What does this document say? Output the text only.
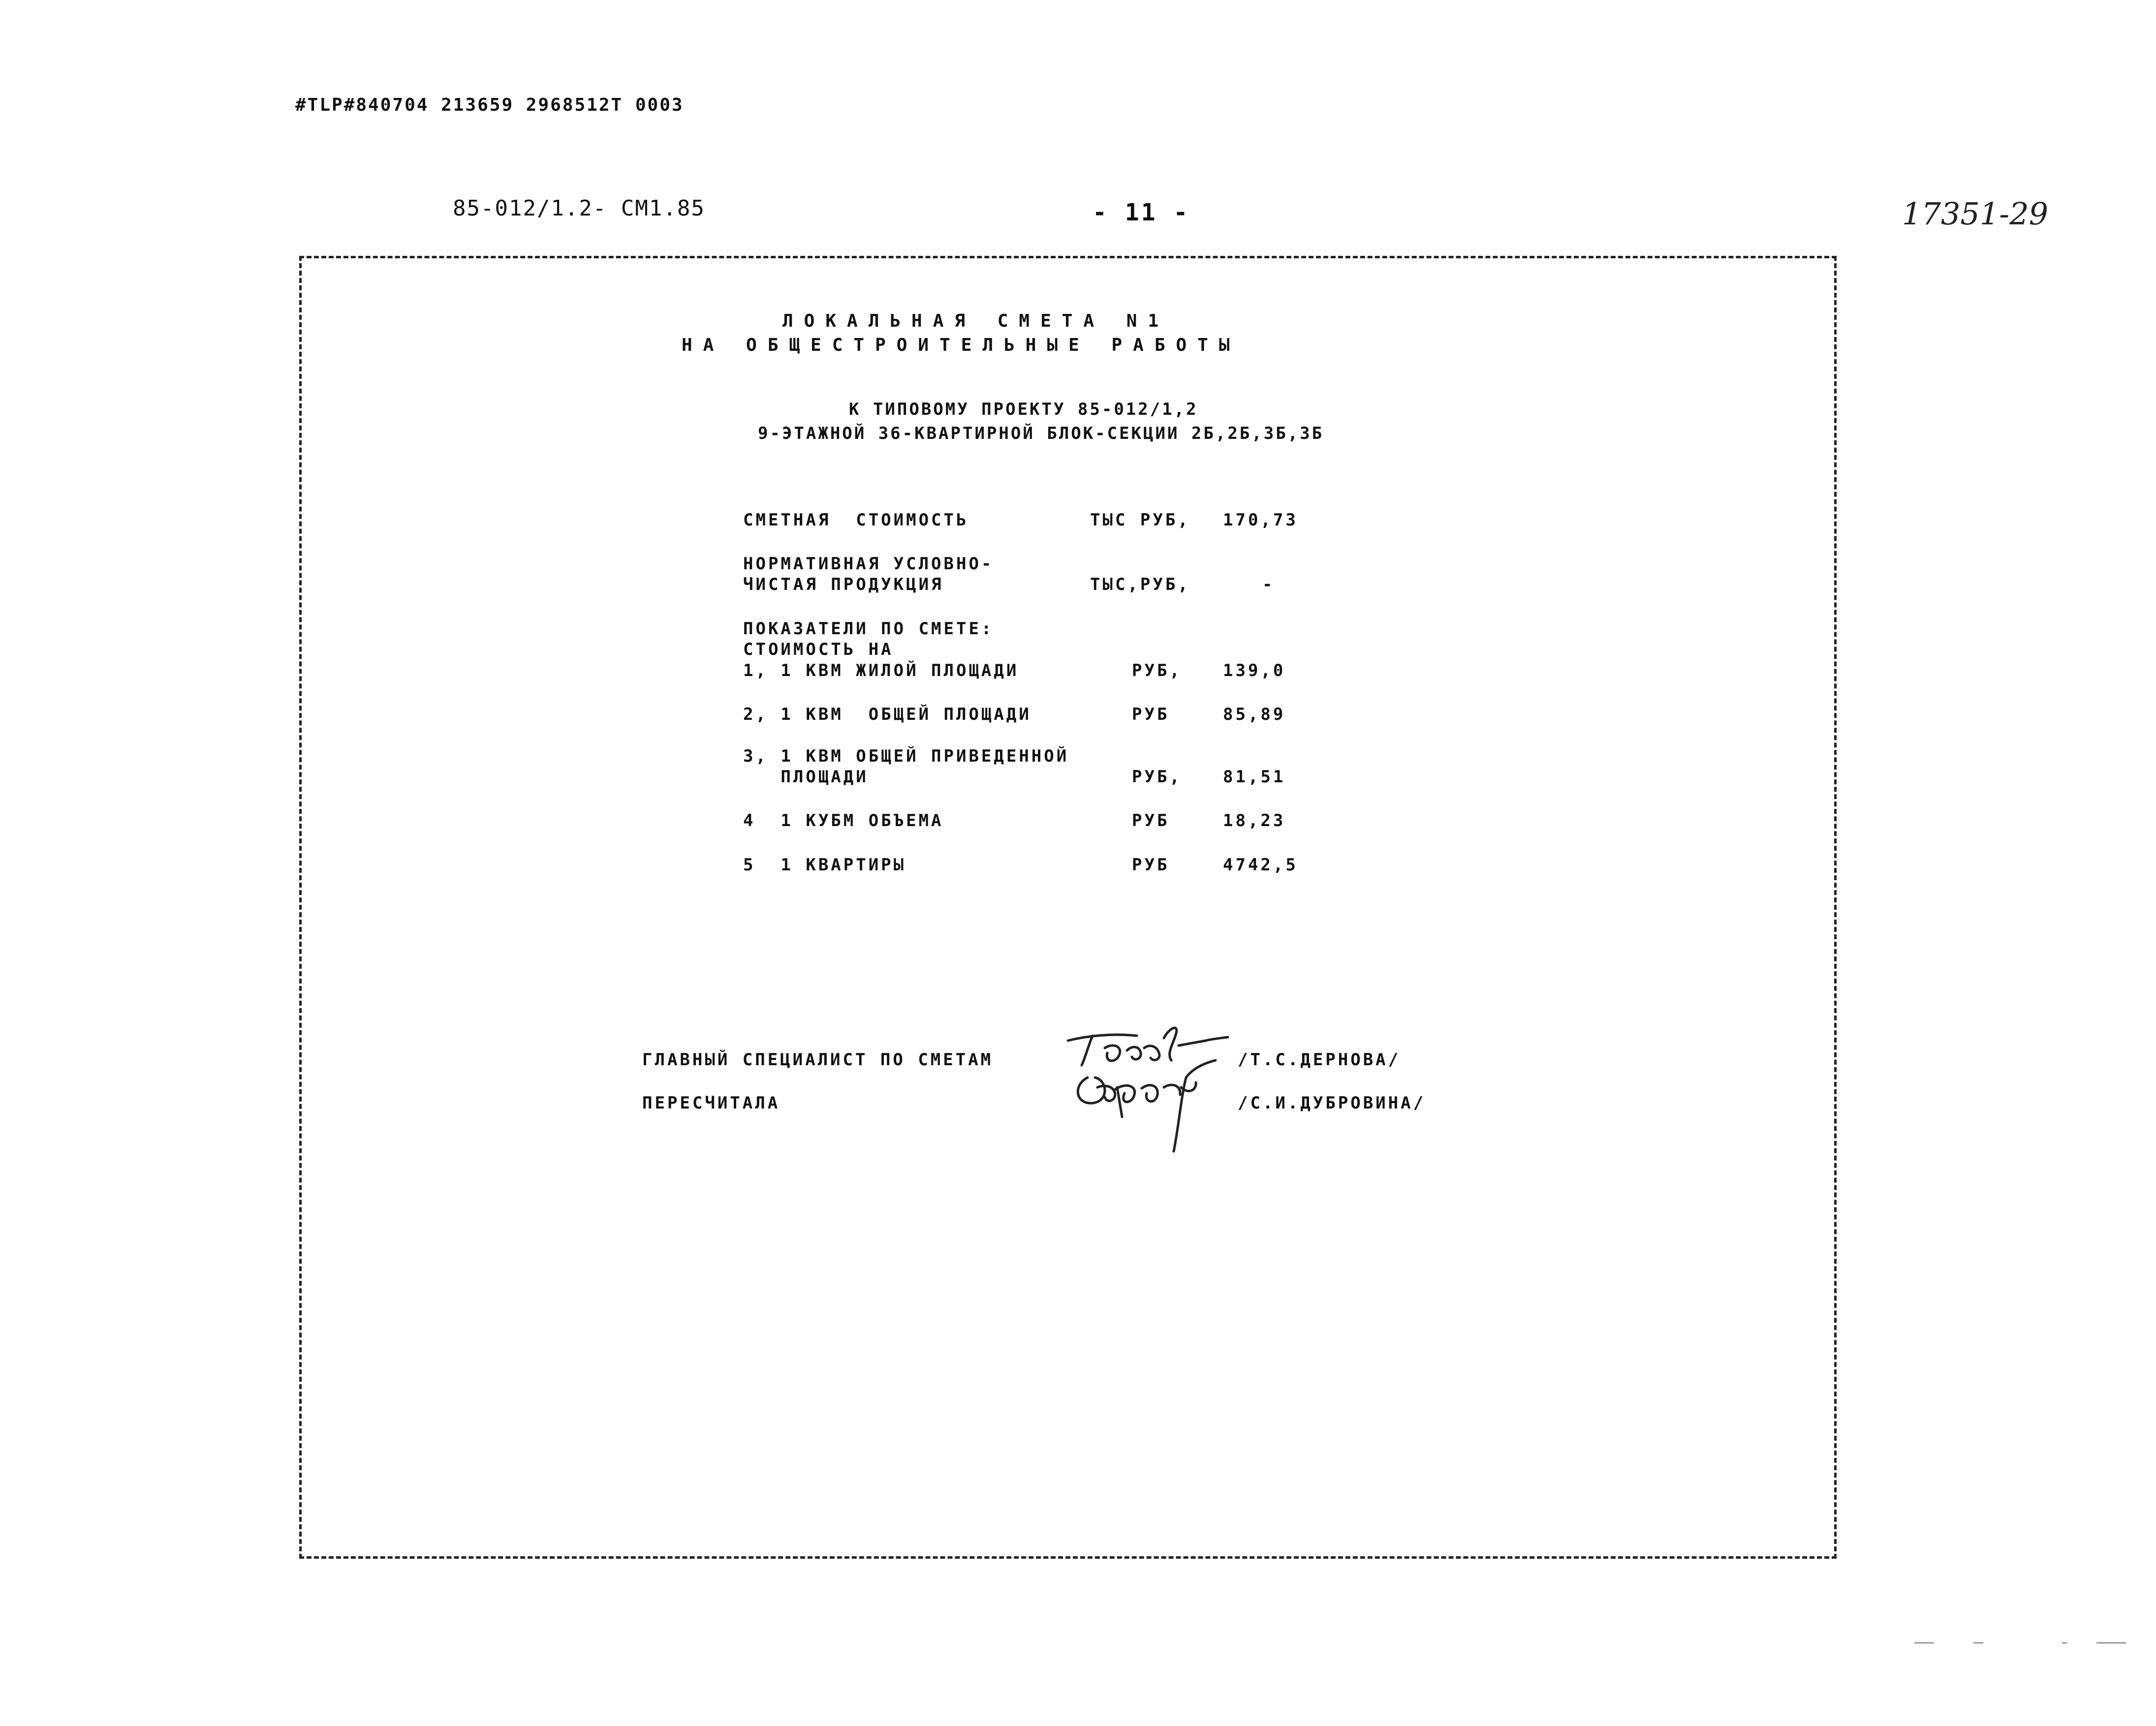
#TLP#840704 213659 2968512T 0003
85-012/1.2- СМ1.85	- 11 -	17351-29
ЛОКАЛЬНАЯ СМЕТА N1
НА ОБЩЕСТРОИТЕЛЬНЫЕ РАБОТЫ
К ТИПОВОМУ ПРОЕКТУ 85-012/1,2
9-ЭТАЖНОЙ 36-КВАРТИРНОЙ БЛОК-СЕКЦИИ 2Б,2Б,3Б,3Б
СМЕТНАЯ  СТОИМОСТЬ	ТЫС РУБ, 170,73
НОРМАТИВНАЯ УСЛОВНО-
ЧИСТАЯ ПРОДУКЦИЯ	ТЫС,РУБ,	-
ПОКАЗАТЕЛИ ПО СМЕТЕ:
СТОИМОСТЬ НА
1, 1 КВМ ЖИЛОЙ ПЛОЩАДИ	РУБ, 139,0
2, 1 КВМ  ОБЩЕЙ ПЛОЩАДИ	РУБ	85,89
3, 1 КВМ ОБЩЕЙ ПРИВЕДЕННОЙ
ПЛОЩАДИ	РУБ, 81,51
4  1 КУБМ ОБЪЕМА	РУБ	18,23
5  1 КВАРТИРЫ	РУБ	4742,5
ГЛАВНЫЙ СПЕЦИАЛИСТ ПО СМЕТАМ	/Т.С.ДЕРНОВА/
ПЕРЕСЧИТАЛА	/С.И.ДУБРОВИНА/
